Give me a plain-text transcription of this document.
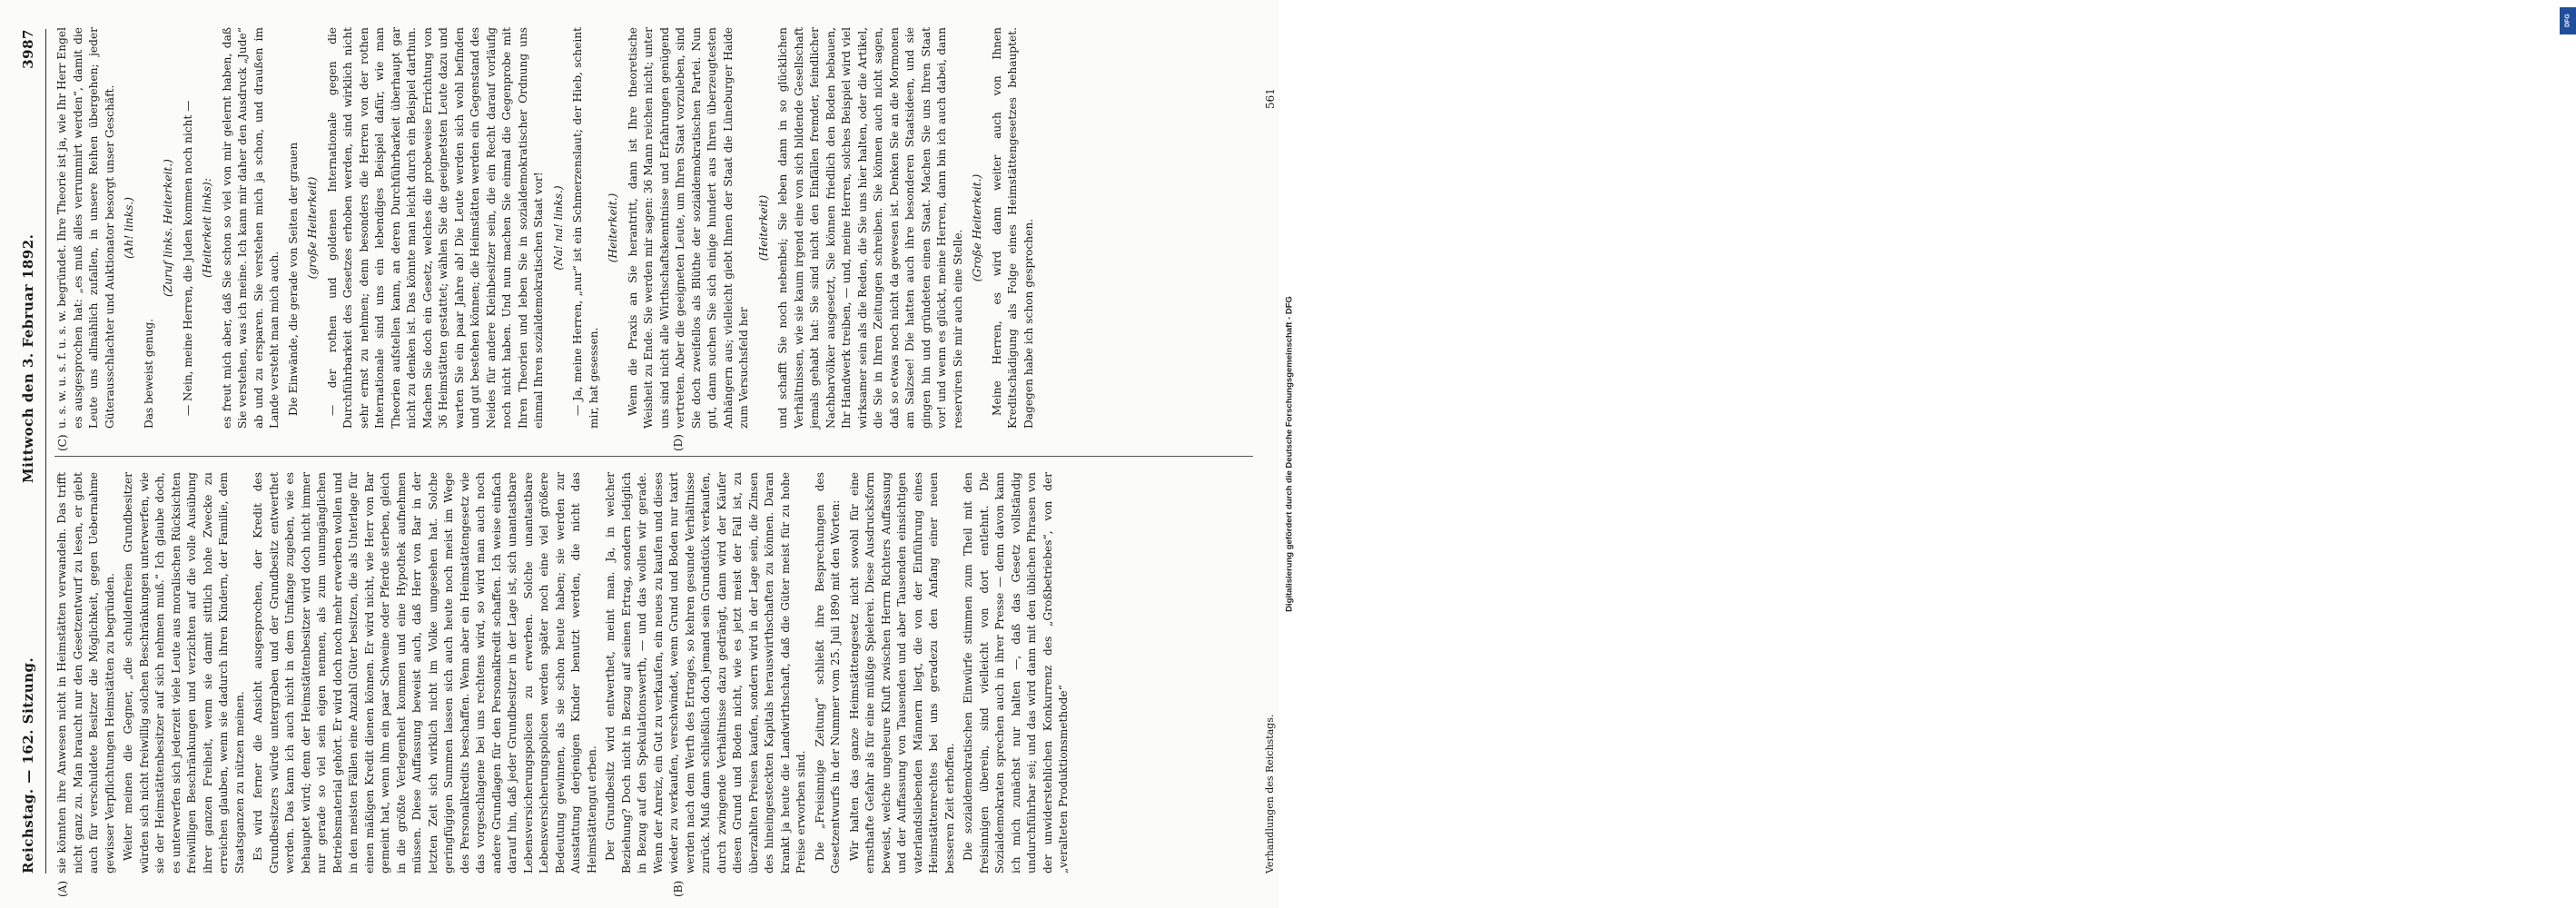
Reichstag. — 162. Sitzung.
Mittwoch den 3. Februar 1892.
3987
(A)	(B)
(C)	(D)

sie könnten ihre Anwesen nicht in Heimstätten verwandeln. Das trifft nicht ganz zu. Man braucht nur den Gesetzentwurf zu lesen, er giebt auch für verschuldete Besitzer die Möglichkeit, gegen Uebernahme gewisser Verpflichtungen Heimstätten zu begründen. Weiter meinen die Gegner, „die schuldenfreien Grundbesitzer würden sich nicht freiwillig solchen Beschränkungen unterwerfen, wie sie der Heimstättenbesitzer auf sich nehmen muß.“ Ich glaube doch, es unterwerfen sich jederzeit viele Leute aus moralischen Rücksichten freiwilligen Beschränkungen und verzichten auf die volle Ausübung ihrer ganzen Freiheit, wenn sie damit sittlich hohe Zwecke zu erreichen glauben, wenn sie dadurch ihren Kindern, der Familie, dem Staatsganzen zu nützen meinen. Es wird ferner die Ansicht ausgesprochen, der Kredit des Grundbesitzers würde untergraben und der Grundbesitz entwerthet werden. Das kann ich auch nicht in dem Umfange zugeben, wie es behauptet wird; denn der Heimstättenbesitzer wird doch nicht immer nur gerade so viel sein eigen nennen, als zum unumgänglichen Betriebsmaterial gehört. Er wird doch noch mehr erwerben wollen und in den meisten Fällen eine Anzahl Güter besitzen, die als Unterlage für einen mäßigen Kredit dienen können. Er wird nicht, wie Herr von Bar gemeint hat, wenn ihm ein paar Schweine oder Pferde sterben, gleich in die größte Verlegenheit kommen und eine Hypothek aufnehmen müssen. Diese Auffassung beweist auch, daß Herr von Bar in der letzten Zeit sich wirklich nicht im Volke umgesehen hat. Solche geringfügigen Summen lassen sich auch heute noch meist im Wege des Personalkredits beschaffen. Wenn aber ein Heimstättengesetz wie das vorgeschlagene bei uns rechtens wird, so wird man auch noch andere Grundlagen für den Personalkredit schaffen. Ich weise einfach darauf hin, daß jeder Grundbesitzer in der Lage ist, sich unantastbare Lebensversicherungspolicen zu erwerben. Solche unantastbare Lebensversicherungspolicen werden später noch eine viel größere Bedeutung gewinnen, als sie schon heute haben; sie werden zur Ausstattung derjenigen Kinder benutzt werden, die nicht das Heimstättengut erben. Der Grundbesitz wird entwerthet, meint man. Ja, in welcher Beziehung? Doch nicht in Bezug auf seinen Ertrag, sondern lediglich in Bezug auf den Spekulationswerth, — und das wollen wir gerade. Wenn der Anreiz, ein Gut zu verkaufen, ein neues zu kaufen und dieses wieder zu verkaufen, verschwindet, wenn Grund und Boden nur taxirt werden nach dem Werth des Ertrages, so kehren gesunde Verhältnisse zurück. Muß dann schließlich doch jemand sein Grundstück verkaufen, durch zwingende Verhältnisse dazu gedrängt, dann wird der Käufer diesen Grund und Boden nicht, wie es jetzt meist der Fall ist, zu überzahlten Preisen kaufen, sondern wird in der Lage sein, die Zinsen des hineingesteckten Kapitals herauswirthschaften zu können. Daran krankt ja heute die Landwirthschaft, daß die Güter meist für zu hohe Preise erworben sind. Die „Freisinnige Zeitung“ schließt ihre Besprechungen des Gesetzentwurfs in der Nummer vom 25. Juli 1890 mit den Worten: Wir halten das ganze Heimstättengesetz nicht sowohl für eine ernsthafte Gefahr als für eine müßige Spielerei. Diese Ausdrucksform beweist, welche ungeheure Kluft zwischen Herrn Richters Auffassung und der Auffassung von Tausenden und aber Tausenden einsichtigen vaterlandsliebenden Männern liegt, die von der Einführung eines Heimstättenrechtes bei uns geradezu den Anfang einer neuen besseren Zeit erhoffen. Die sozialdemokratischen Einwürfe stimmen zum Theil mit den freisinnigen überein, sind vielleicht von dort entlehnt. Die Sozialdemokraten sprechen auch in ihrer Presse — denn davon kann ich mich zunächst nur halten —, daß das Gesetz vollständig undurchführbar sei; und das wird dann mit den üblichen Phrasen von der unwiderstehlichen Konkurrenz des „Großbetriebes“, von der „veralteten Produktionsmethode“

u. s. w. u. s. f. u. s. w. begründet. Ihre Theorie ist ja, wie Ihr Herr Engel es ausgesprochen hat: „es muß alles verrummirt werden“, damit die Leute uns allmählich zufallen, in unsere Reihen übergehen; jeder Güterausschlachter und Auktionator besorgt unser Geschäft. (Ah! links.)

Das beweist genug.

(Zuruf links. Heiterkeit.) — Nein, meine Herren, die Juden kommen noch nicht — (Heiterkeit links): es freut mich aber, daß Sie schon so viel von mir gelernt haben, daß Sie verstehen, was ich meine. Ich kann mir daher den Ausdruck „Jude“ ab und zu ersparen. Sie verstehen mich ja schon, und draußen im Lande versteht man mich auch. Die Einwände, die gerade von Seiten der grauen (große Heiterkeit) — der rothen und goldenen Internationale gegen die Durchführbarkeit des Gesetzes erhoben werden, sind wirklich nicht sehr ernst zu nehmen; denn besonders die Herren von der rothen Internationale sind uns ein lebendiges Beispiel dafür, wie man Theorien aufstellen kann, an deren Durchführbarkeit überhaupt gar nicht zu denken ist. Das könnte man leicht durch ein Beispiel darthun. Machen Sie doch ein Gesetz, welches die probeweise Errichtung von 36 Heimstätten gestattet; wählen Sie die geeignetsten Leute dazu und warten Sie ein paar Jahre ab! Die Leute werden sich wohl befinden und gut bestehen können; die Heimstätten werden ein Gegenstand des Neides für andere Kleinbesitzer sein, die ein Recht darauf vorläufig noch nicht haben. Und nun machen Sie einmal die Gegenprobe mit Ihren Theorien und leben Sie in sozialdemokratischer Ordnung uns einmal Ihren sozialdemokratischen Staat vor! (Na! na! links.) — Ja, meine Herren, „nur“ ist ein Schmerzenslaut; der Hieb, scheint mir, hat gesessen.

(Heiterkeit.) Wenn die Praxis an Sie herantritt, dann ist Ihre theoretische Weisheit zu Ende. Sie werden mir sagen: 36 Mann reichen nicht; unter uns sind nicht alle Wirthschaftskenntnisse und Erfahrungen genügend vertreten. Aber die geeigneten Leute, um Ihren Staat vorzuleben, sind Sie doch zweifellos als Blüthe der sozialdemokratischen Partei. Nun gut, dann suchen Sie sich einige hundert aus Ihren überzeugtesten Anhängern aus; vielleicht giebt Ihnen der Staat die Lüneburger Haide zum Versuchsfeld her

(Heiterkeit) und schafft Sie noch nebenbei; Sie leben dann in so glücklichen Verhältnissen, wie sie kaum irgend eine von sich bildende Gesellschaft jemals gehabt hat: Sie sind nicht den Einfällen fremder, feindlicher Nachbarvölker ausgesetzt, Sie können friedlich den Boden bebauen, Ihr Handwerk treiben, — und, meine Herren, solches Beispiel wird viel wirksamer sein als die Reden, die Sie uns hier halten, oder die Artikel, die Sie in Ihren Zeitungen schreiben. Sie können auch nicht sagen, daß so etwas noch nicht da gewesen ist. Denken Sie an die Mormonen am Salzsee! Die hatten auch ihre besonderen Staatsideen, und sie gingen hin und gründeten einen Staat. Machen Sie uns Ihren Staat vor! und wenn es glückt, meine Herren, dann bin ich auch dabei, dann reserviren Sie mir auch eine Stelle.

(Große Heiterkeit.) Meine Herren, es wird dann weiter auch von Ihnen Kreditschädigung als Folge eines Heimstättengesetzes behauptet. Dagegen habe ich schon gesprochen.

Verhandlungen des Reichstags.
561
DFG
Digitalisierung gefördert durch die Deutsche Forschungsgemeinschaft - DFG
